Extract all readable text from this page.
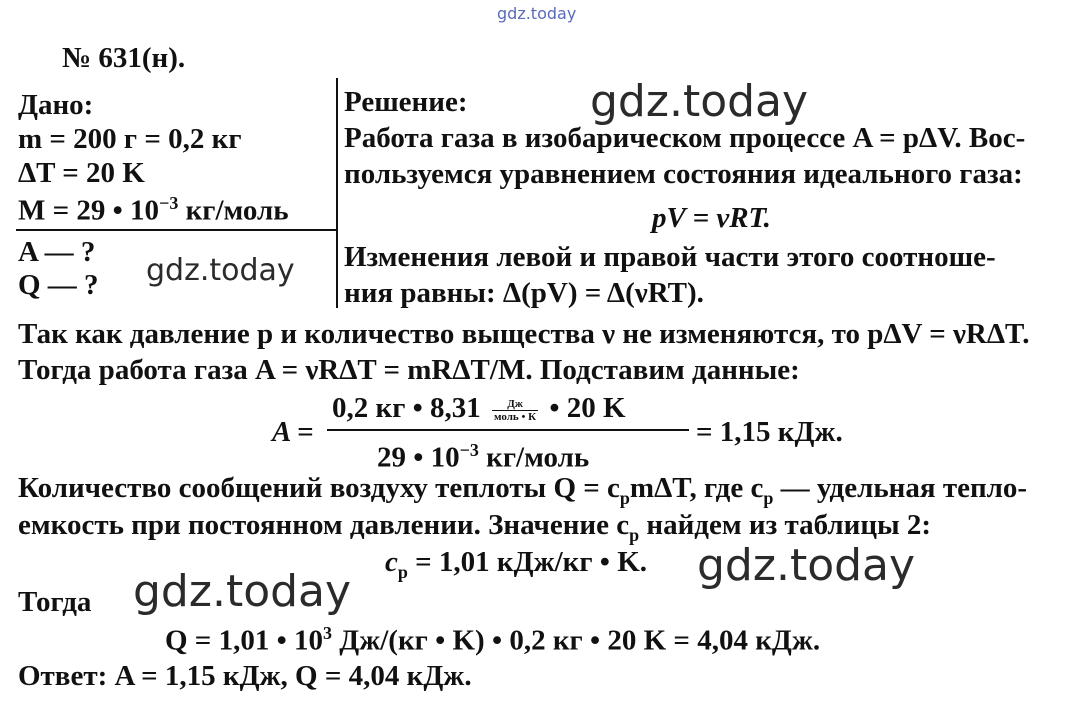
gdz.today
№ 631(н).
Дано:
m = 200 г = 0,2 кг
ΔT = 20 K
M = 29 • $10^{-3}$ кг/моль
A — ?
Q — ?
Решение:
Работа газа в изобарическом процессе A = pΔV. Вос-
пользуемся уравнением состояния идеального газа:
pV = νRT.
Изменения левой и правой части этого соотноше-
ния равны: Δ(pV) = Δ(νRT).
Так как давление p и количество выщества ν не изменяются, то pΔV = νRΔT.
Тогда работа газа A = νRΔT = mRΔT/M. Подставим данные:
A =
0,2 кг • $8,31 \frac{Дж}{\text{моль • К}}$ • 20 K
29 • $10^{-3}$ кг/моль
= 1,15 кДж.
Количество сообщений воздуху теплоты $Q = c_pm\Delta T$, где $c_p$ — удельная тепло-
емкость при постоянном давлении. Значение $c_p$ найдем из таблицы 2:
$c_p = 1,01$ кДж/кг • K.
Тогда
Q = 1,01 • $10^3$ Дж/(кг • K) • 0,2 кг • 20 K = 4,04 кДж.
Ответ: A = 1,15 кДж, Q = 4,04 кДж.
gdz.today
gdz.today
gdz.today
gdz.today
